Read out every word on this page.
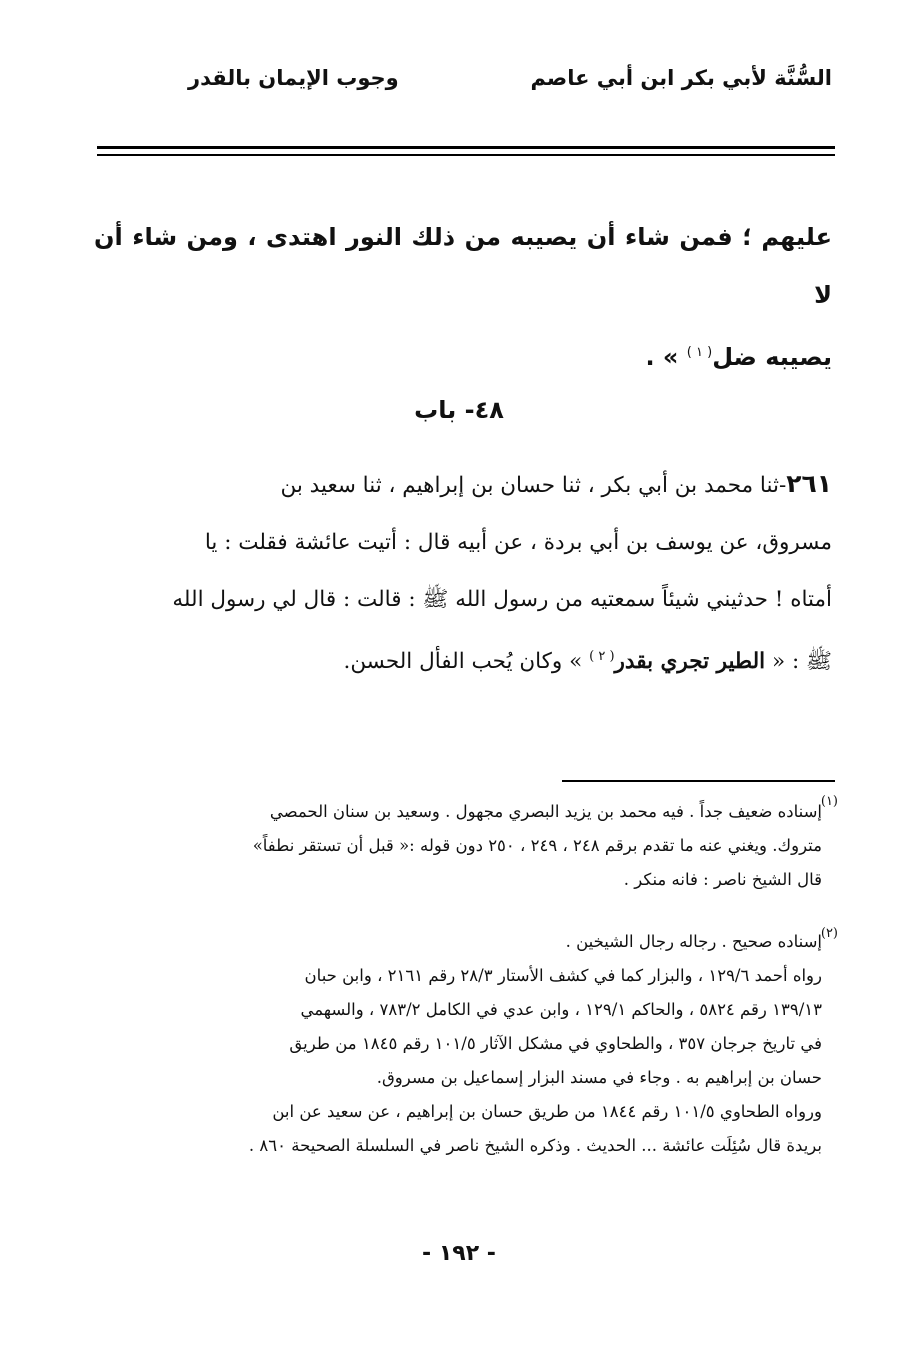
السُّنَّة لأبي بكر ابن أبي عاصم
وجوب الإيمان بالقدر

عليهم ؛ فمن شاء أن يصيبه من ذلك النور اهتدى ، ومن شاء أن لا

يصيبه ضل$^{( ١ )}$ » .

٤٨- باب

٢٦١-ثنا محمد بن أبي بكر ، ثنا حسان بن إبراهيم ، ثنا سعيد بن

مسروق، عن يوسف بن أبي بردة ، عن أبيه قال : أتيت عائشة فقلت : يا

أمتاه ! حدثيني شيئاً سمعتيه من رسول الله ﷺ : قالت : قال لي رسول الله

ﷺ : « الطير تجري بقدر$^{( ٢ )}$ » وكان يُحب الفأل الحسن.

(١)

إسناده ضعيف جداً . فيه محمد بن يزيد البصري مجهول . وسعيد بن سنان الحمصي

متروك. ويغني عنه ما تقدم برقم ٢٤٨ ، ٢٤٩ ، ٢٥٠ دون قوله :« قبل أن تستقر نطفاً»

قال الشيخ ناصر : فانه منكر .

(٢)

إسناده صحيح . رجاله رجال الشيخين .

رواه أحمد ١٢٩/٦ ، والبزار كما في كشف الأستار ٢٨/٣ رقم ٢١٦١ ، وابن حبان

١٣٩/١٣ رقم ٥٨٢٤ ، والحاكم ١٢٩/١ ، وابن عدي في الكامل ٧٨٣/٢ ، والسهمي

في تاريخ جرجان ٣٥٧ ، والطحاوي في مشكل الآثار ١٠١/٥ رقم ١٨٤٥ من طريق

حسان بن إبراهيم به . وجاء في مسند البزار إسماعيل بن مسروق.

ورواه الطحاوي ١٠١/٥ رقم ١٨٤٤ من طريق حسان بن إبراهيم ، عن سعيد عن ابن

بريدة قال سُئِلَت عائشة ... الحديث . وذكره الشيخ ناصر في السلسلة الصحيحة ٨٦٠ .

- ١٩٢ -
